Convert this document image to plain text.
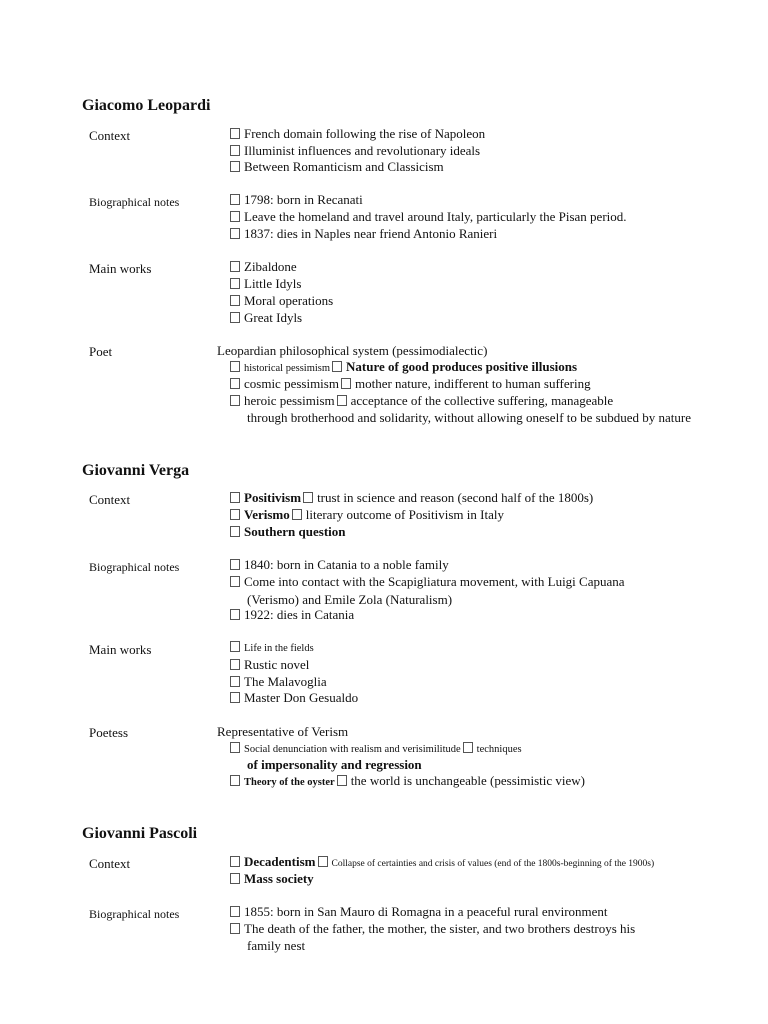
Giacomo Leopardi
Context	French domain following the rise of Napoleon
Illuminist influences and revolutionary ideals
Between Romanticism and Classicism
Biographical notes	1798: born in Recanati
Leave the homeland and travel around Italy, particularly the Pisan period.
1837: dies in Naples near friend Antonio Ranieri
Main works	Zibaldone
Little Idyls
Moral operations
Great Idyls
Poet	Leopardian philosophical system (pessimodialectic)
historical pessimism Nature of good produces positive illusions
cosmic pessimism mother nature, indifferent to human suffering
heroic pessimism acceptance of the collective suffering, manageable
through brotherhood and solidarity, without allowing oneself to be subdued by nature
Giovanni Verga
Context	Positivism trust in science and reason (second half of the 1800s)
Verismo literary outcome of Positivism in Italy
Southern question
Biographical notes	1840: born in Catania to a noble family
Come into contact with the Scapigliatura movement, with Luigi Capuana
(Verismo) and Emile Zola (Naturalism)
1922: dies in Catania
Main works	Life in the fields
Rustic novel
The Malavoglia
Master Don Gesualdo
Poetess	Representative of Verism
Social denunciation with realism and verisimilitude techniques
of impersonality and regression
Theory of the oyster the world is unchangeable (pessimistic view)
Giovanni Pascoli
Context	Decadentism Collapse of certainties and crisis of values (end of the 1800s-beginning of the 1900s)
Mass society
Biographical notes	1855: born in San Mauro di Romagna in a peaceful rural environment
The death of the father, the mother, the sister, and two brothers destroys his
family nest
